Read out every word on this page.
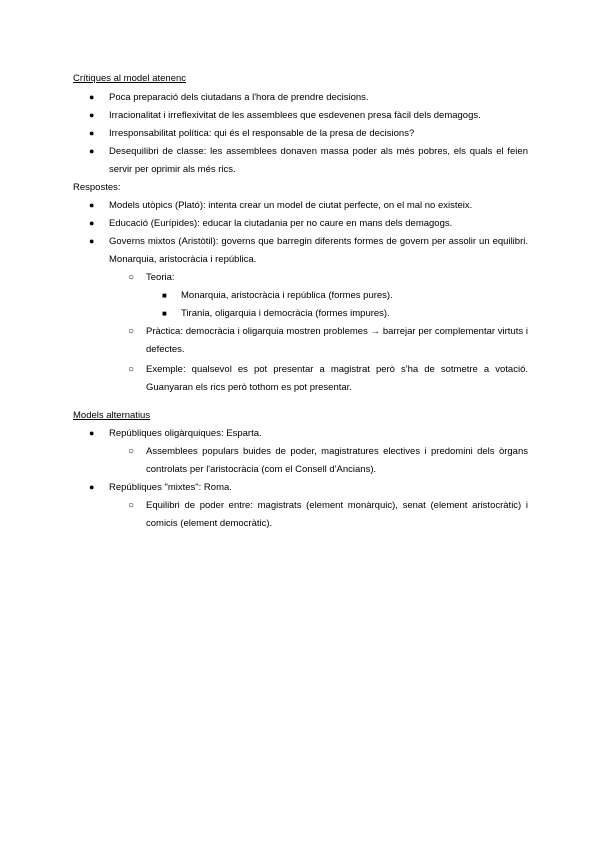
Crítiques al model atenenc
● Poca preparació dels ciutadans a l'hora de prendre decisions.
● Irracionalitat i irreflexivitat de les assemblees que esdevenen presa fàcil dels demagogs.
● Irresponsabilitat política: qui és el responsable de la presa de decisions?
● Desequilibri de classe: les assemblees donaven massa poder als més pobres, els quals el feien servir per oprimir als més rics.
Respostes:
● Models utòpics (Plató): intenta crear un model de ciutat perfecte, on el mal no existeix.
● Educació (Eurípides): educar la ciutadania per no caure en mans dels demagogs.
● Governs mixtos (Aristòtil): governs que barregin diferents formes de govern per assolir un equilibri. Monarquia, aristocràcia i república.
○ Teoria:
■ Monarquia, aristocràcia i república (formes pures).
■ Tirania, oligarquia i democràcia (formes impures).
○ Pràctica: democràcia i oligarquia mostren problemes → barrejar per complementar virtuts i defectes.
○ Exemple: qualsevol es pot presentar a magistrat però s'ha de sotmetre a votació. Guanyaran els rics però tothom es pot presentar.
Models alternatius
● Repúbliques oligàrquiques: Esparta.
○ Assemblees populars buides de poder, magistratures electives i predomini dels òrgans controlats per l'aristocràcia (com el Consell d'Ancians).
● Repúbliques "mixtes": Roma.
○ Equilibri de poder entre: magistrats (element monàrquic), senat (element aristocràtic) i comicis (element democràtic).
